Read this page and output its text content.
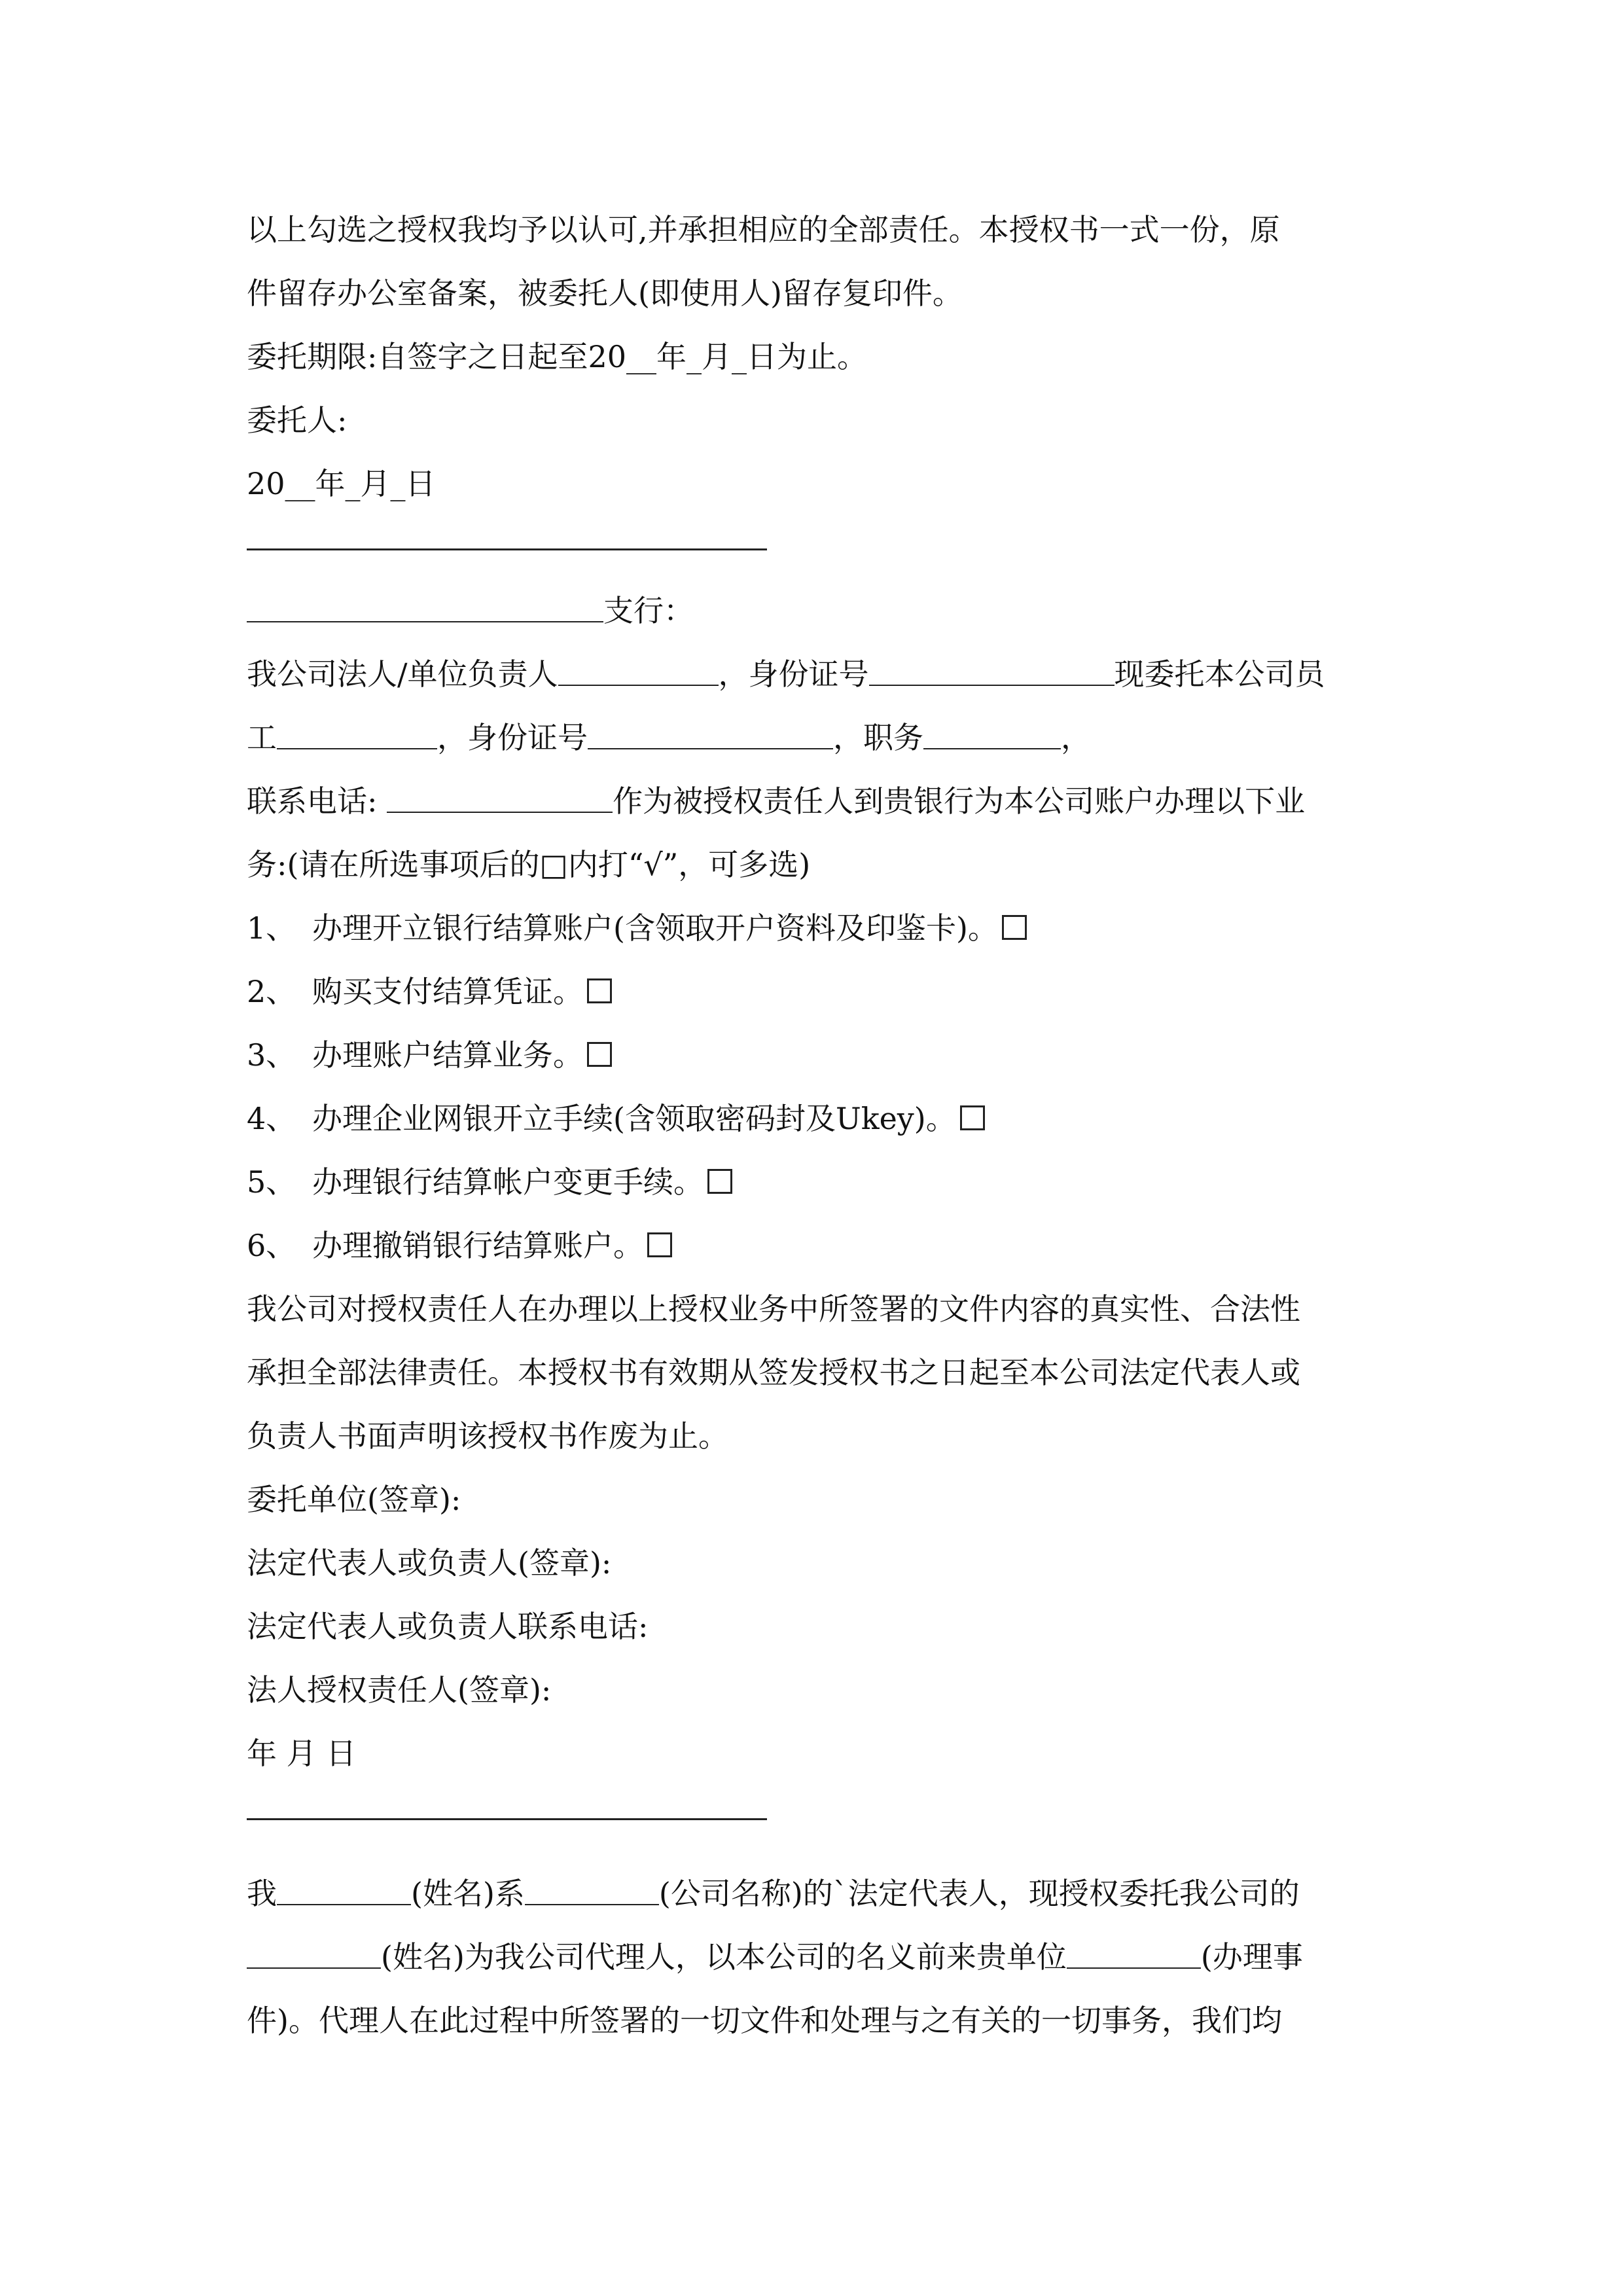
以上勾选之授权我均予以认可,并承担相应的全部责任。本授权书一式一份，原
件留存办公室备案，被委托人(即使用人)留存复印件。
委托期限:自签字之日起至20__年_月_日为止。
委托人:
20__年_月_日
支行：
我公司法人/单位负责人	，身份证号	现委托本公司员
工	，身份证号	，职务	，
联系电话:	作为被授权责任人到贵银行为本公司账户办理以下业
务:(请在所选事项后的□内打“√”，可多选)
1、 办理开立银行结算账户(含领取开户资料及印鉴卡)。
2、 购买支付结算凭证。
3、 办理账户结算业务。
4、 办理企业网银开立手续(含领取密码封及Ukey)。
5、 办理银行结算帐户变更手续。
6、 办理撤销银行结算账户。
我公司对授权责任人在办理以上授权业务中所签署的文件内容的真实性、合法性
承担全部法律责任。本授权书有效期从签发授权书之日起至本公司法定代表人或
负责人书面声明该授权书作废为止。
委托单位(签章):
法定代表人或负责人(签章):
法定代表人或负责人联系电话:
法人授权责任人(签章):
年 月 日
我	(姓名)系	(公司名称)的`法定代表人，现授权委托我公司的
(姓名)为我公司代理人，以本公司的名义前来贵单位	(办理事
件)。代理人在此过程中所签署的一切文件和处理与之有关的一切事务，我们均
